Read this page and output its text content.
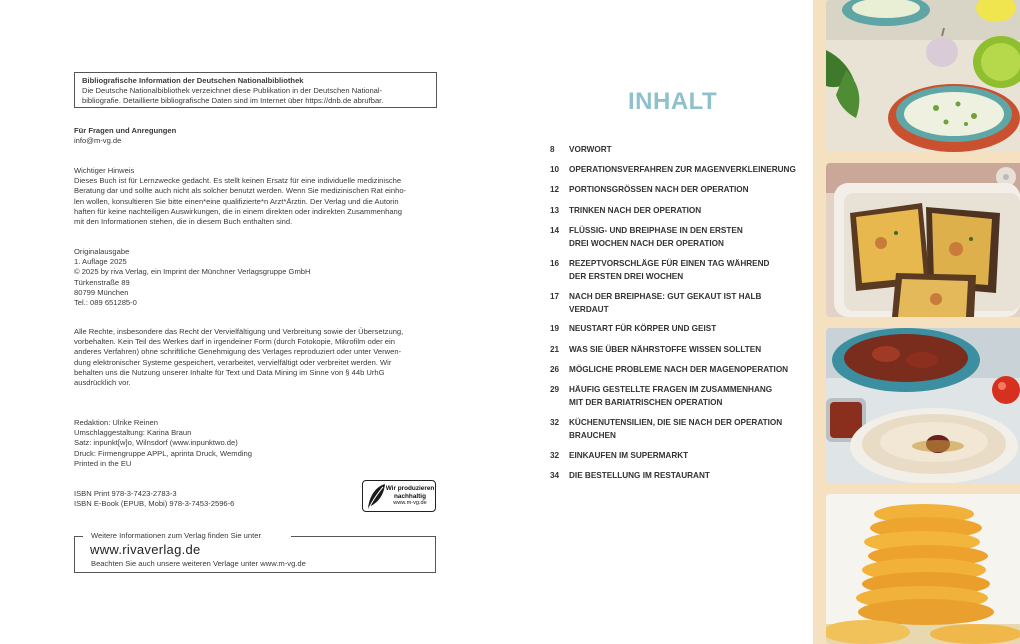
Bibliografische Information der Deutschen Nationalbibliothek

Die Deutsche Nationalbibliothek verzeichnet diese Publikation in der Deutschen National-

bibliografie. Detaillierte bibliografische Daten sind im Internet über https://dnb.de abrufbar.

Für Fragen und Anregungen

info@m-vg.de

Wichtiger Hinweis

Dieses Buch ist für Lernzwecke gedacht. Es stellt keinen Ersatz für eine individuelle medizinische

Beratung dar und sollte auch nicht als solcher benutzt werden. Wenn Sie medizinischen Rat einho-

len wollen, konsultieren Sie bitte einen*eine qualifizierte*n Arzt*Ärztin. Der Verlag und die Autorin

haften für keine nachteiligen Auswirkungen, die in einem direkten oder indirekten Zusammenhang

mit den Informationen stehen, die in diesem Buch enthalten sind.

Originalausgabe

1. Auflage 2025

© 2025 by riva Verlag, ein Imprint der Münchner Verlagsgruppe GmbH

Türkenstraße 89

80799 München

Tel.: 089 651285-0

Alle Rechte, insbesondere das Recht der Vervielfältigung und Verbreitung sowie der Übersetzung,

vorbehalten. Kein Teil des Werkes darf in irgendeiner Form (durch Fotokopie, Mikrofilm oder ein

anderes Verfahren) ohne schriftliche Genehmigung des Verlages reproduziert oder unter Verwen-

dung elektronischer Systeme gespeichert, verarbeitet, vervielfältigt oder verbreitet werden. Wir

behalten uns die Nutzung unserer Inhalte für Text und Data Mining im Sinne von § 44b UrhG

ausdrücklich vor.

Redaktion: Ulrike Reinen

Umschlaggestaltung: Karina Braun

Satz: inpunkt[w]o, Wilnsdorf (www.inpunktwo.de)

Druck: Firmengruppe APPL, aprinta Druck, Wemding

Printed in the EU

ISBN Print 978-3-7423-2783-3

ISBN E-Book (EPUB, Mobi) 978-3-7453-2596-6

Wir produzieren
nachhaltig
www.m-vg.de
Weitere Informationen zum Verlag finden Sie unter
www.rivaverlag.de
Beachten Sie auch unsere weiteren Verlage unter www.m-vg.de
INHALT
8	VORWORT
10	OPERATIONSVERFAHREN ZUR MAGENVERKLEINERUNG
12	PORTIONSGRÖSSEN NACH DER OPERATION
13	TRINKEN NACH DER OPERATION
14	FLÜSSIG- UND BREIPHASE IN DEN ERSTEN
DREI WOCHEN NACH DER OPERATION
16	REZEPTVORSCHLÄGE FÜR EINEN TAG WÄHREND
DER ERSTEN DREI WOCHEN
17	NACH DER BREIPHASE: GUT GEKAUT IST HALB
VERDAUT
19	NEUSTART FÜR KÖRPER UND GEIST
21	WAS SIE ÜBER NÄHRSTOFFE WISSEN SOLLTEN
26	MÖGLICHE PROBLEME NACH DER MAGENOPERATION
29	HÄUFIG GESTELLTE FRAGEN IM ZUSAMMENHANG
MIT DER BARIATRISCHEN OPERATION
32	KÜCHENUTENSILIEN, DIE SIE NACH DER OPERATION
BRAUCHEN
32	EINKAUFEN IM SUPERMARKT
34	DIE BESTELLUNG IM RESTAURANT
